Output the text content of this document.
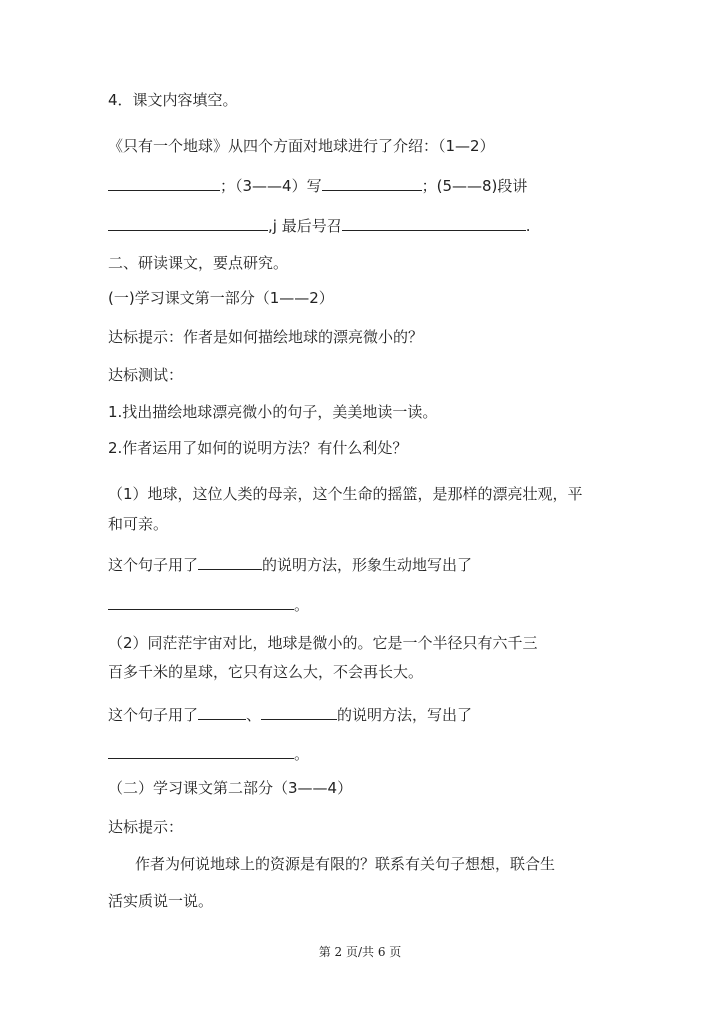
4．课文内容填空。
《只有一个地球》从四个方面对地球进行了介绍：（1—2）
；（3——4）写	；(5——8)段讲
,j 最后号召	.
二、研读课文，要点研究。
(一)学习课文第一部分（1——2）
达标提示：作者是如何描绘地球的漂亮微小的？
达标测试：
1.找出描绘地球漂亮微小的句子，美美地读一读。
2.作者运用了如何的说明方法？有什么利处？
（1）地球，这位人类的母亲，这个生命的摇篮，是那样的漂亮壮观，平
和可亲。
这个句子用了	的说明方法，形象生动地写出了
。
（2）同茫茫宇宙对比，地球是微小的。它是一个半径只有六千三
百多千米的星球，它只有这么大，不会再长大。
这个句子用了	、	的说明方法，写出了
。
（二）学习课文第二部分（3——4）
达标提示：
作者为何说地球上的资源是有限的？联系有关句子想想，联合生
活实质说一说。
第 2 页/共 6 页
